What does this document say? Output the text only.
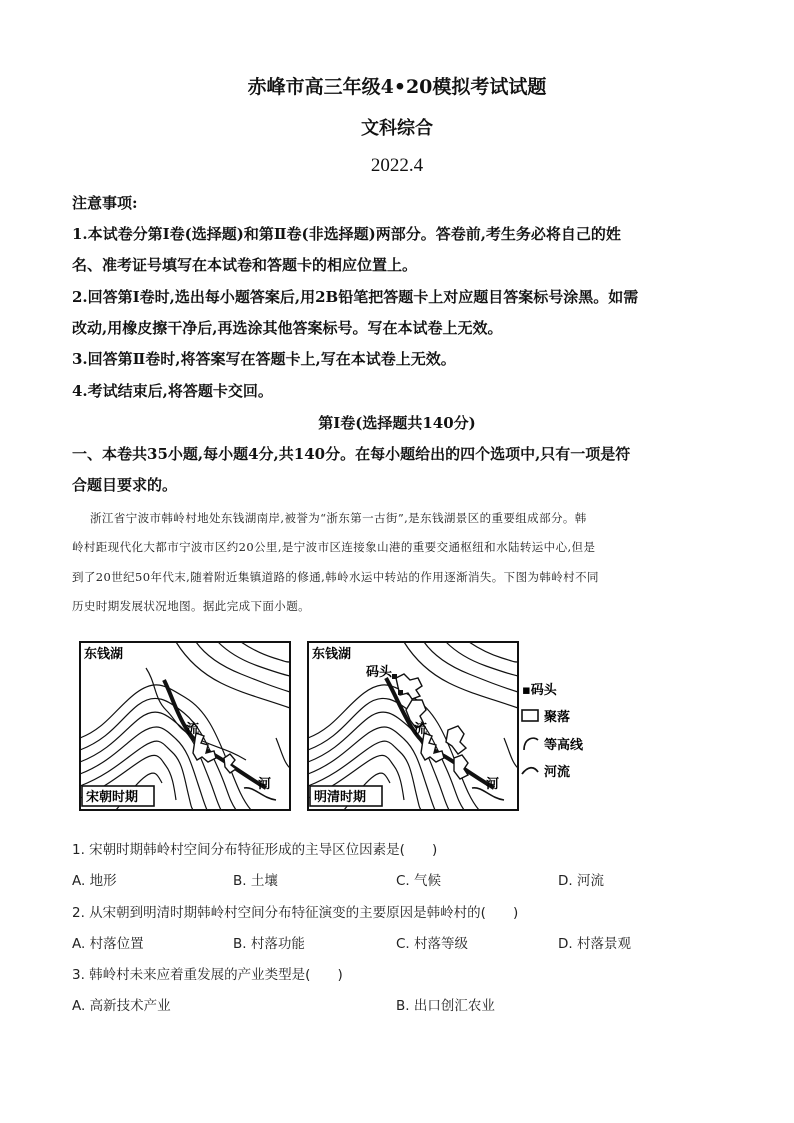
赤峰市高三年级4•20模拟考试试题
文科综合
2022.4
注意事项:
1.本试卷分第Ⅰ卷(选择题)和第Ⅱ卷(非选择题)两部分。答卷前,考生务必将自己的姓
名、准考证号填写在本试卷和答题卡的相应位置上。
2.回答第Ⅰ卷时,选出每小题答案后,用2B铅笔把答题卡上对应题目答案标号涂黑。如需
改动,用橡皮擦干净后,再选涂其他答案标号。写在本试卷上无效。
3.回答第Ⅱ卷时,将答案写在答题卡上,写在本试卷上无效。
4.考试结束后,将答题卡交回。
第Ⅰ卷(选择题共140分)
一、本卷共35小题,每小题4分,共140分。在每小题给出的四个选项中,只有一项是符
合题目要求的。
浙江省宁波市韩岭村地处东钱湖南岸,被誉为“浙东第一古街”,是东钱湖景区的重要组成部分。韩
岭村距现代化大都市宁波市区约20公里,是宁波市区连接象山港的重要交通枢纽和水陆转运中心,但是
到了20世纪50年代末,随着附近集镇道路的修通,韩岭水运中转站的作用逐渐消失。下图为韩岭村不同
历史时期发展状况地图。据此完成下面小题。
东钱湖
流
河
宋朝时期
东钱湖
码头
流
河
明清时期
▪码头
聚落
等高线
河流
1. 宋朝时期韩岭村空间分布特征形成的主导区位因素是(　　)
A. 地形	B. 土壤	C. 气候	D. 河流
2. 从宋朝到明清时期韩岭村空间分布特征演变的主要原因是韩岭村的(　　)
A. 村落位置	B. 村落功能	C. 村落等级	D. 村落景观
3. 韩岭村未来应着重发展的产业类型是(　　)
A. 高新技术产业	B. 出口创汇农业
